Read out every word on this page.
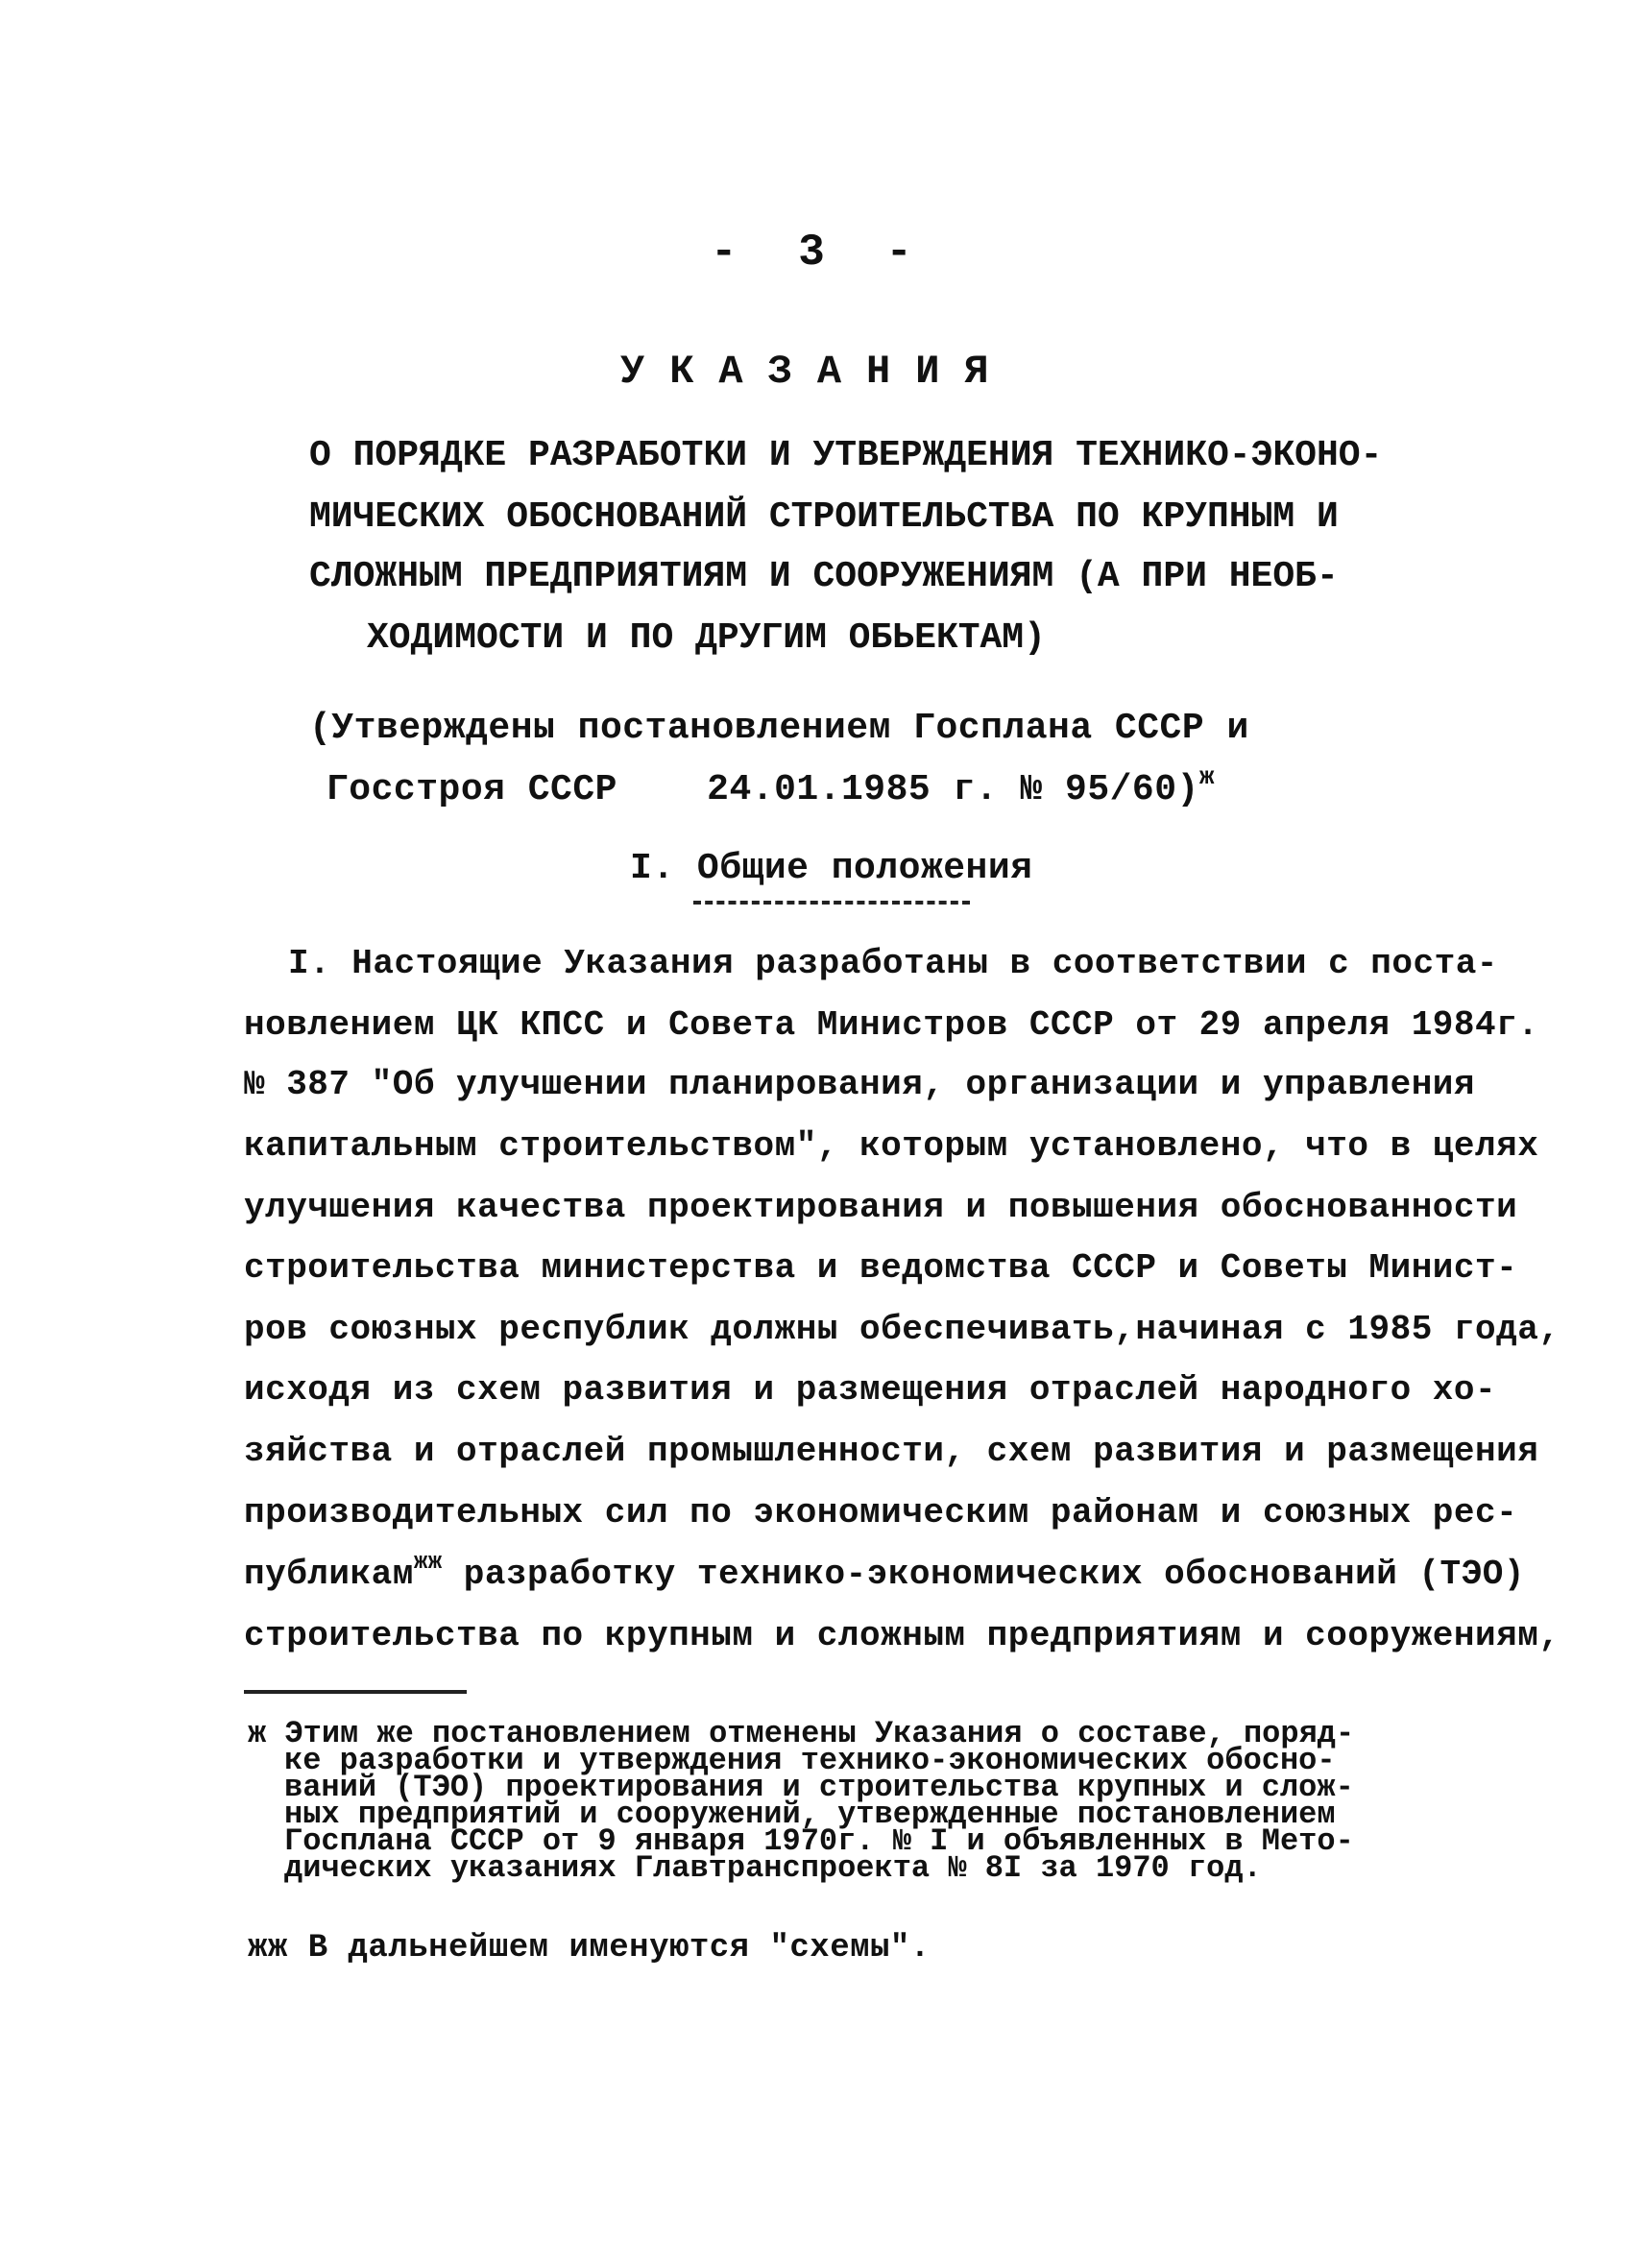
- 3 -
УКАЗАНИЯ
О ПОРЯДКЕ РАЗРАБОТКИ И УТВЕРЖДЕНИЯ ТЕХНИКО-ЭКОНО-
МИЧЕСКИХ ОБОСНОВАНИЙ СТРОИТЕЛЬСТВА ПО КРУПНЫМ И
СЛОЖНЫМ ПРЕДПРИЯТИЯМ И СООРУЖЕНИЯМ (А ПРИ НЕОБ-
ХОДИМОСТИ И ПО ДРУГИМ ОБЬЕКТАМ)
(Утверждены постановлением Госплана СССР и
Госстроя СССР    24.01.1985 г. № 95/60)$^ж$
I. Общие положения
I. Настоящие Указания разработаны в соответствии с поста-
новлением ЦК КПСС и Совета Министров СССР от 29 апреля 1984г.
№ 387 "Об улучшении планирования, организации и управления
капитальным строительством", которым установлено, что в целях
улучшения качества проектирования и повышения обоснованности
строительства министерства и ведомства СССР и Советы Минист-
ров союзных республик должны обеспечивать,начиная с 1985 года,
исходя из схем развития и размещения отраслей народного хо-
зяйства и отраслей промышленности, схем развития и размещения
производительных сил по экономическим районам и союзных рес-
публикам$^{жж}$ разработку технико-экономических обоснований (ТЭО)
строительства по крупным и сложным предприятиям и сооружениям,
ж Этим же постановлением отменены Указания о составе, поряд-
ке разработки и утверждения технико-экономических обосно-
ваний (ТЭО) проектирования и строительства крупных и слож-
ных предприятий и сооружений, утвержденные постановлением
Госплана СССР от 9 января 1970г. № I и объявленных в Мето-
дических указаниях Главтранспроекта № 8I за 1970 год.
жж В дальнейшем именуются "схемы".
